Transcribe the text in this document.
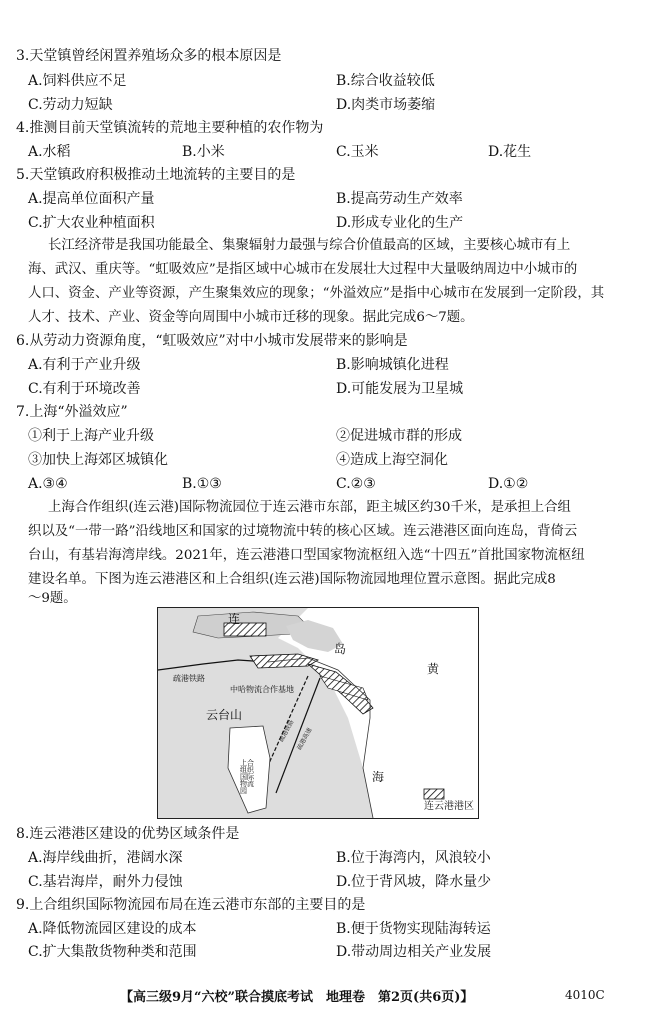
3.天堂镇曾经闲置养殖场众多的根本原因是
A.饲料供应不足	B.综合收益较低
C.劳动力短缺	D.肉类市场萎缩
4.推测目前天堂镇流转的荒地主要种植的农作物为
A.水稻	B.小米	C.玉米	D.花生
5.天堂镇政府积极推动土地流转的主要目的是
A.提高单位面积产量	B.提高劳动生产效率
C.扩大农业种植面积	D.形成专业化的生产
长江经济带是我国功能最全、集聚辐射力最强与综合价值最高的区域，主要核心城市有上
海、武汉、重庆等。“虹吸效应”是指区域中心城市在发展壮大过程中大量吸纳周边中小城市的
人口、资金、产业等资源，产生聚集效应的现象；“外溢效应”是指中心城市在发展到一定阶段，其
人才、技术、产业、资金等向周围中小城市迁移的现象。据此完成6～7题。
6.从劳动力资源角度，“虹吸效应”对中小城市发展带来的影响是
A.有利于产业升级	B.影响城镇化进程
C.有利于环境改善	D.可能发展为卫星城
7.上海“外溢效应”
①利于上海产业升级	②促进城市群的形成
③加快上海郊区城镇化	④造成上海空洞化
A.③④	B.①③	C.②③	D.①②
上海合作组织(连云港)国际物流园位于连云港市东部，距主城区约30千米，是承担上合组
织以及“一带一路”沿线地区和国家的过境物流中转的核心区域。连云港港区面向连岛，背倚云
台山，有基岩海湾岸线。2021年，连云港港口型国家物流枢纽入选“十四五”首批国家物流枢纽
建设名单。下图为连云港港区和上合组织(连云港)国际物流园地理位置示意图。据此完成8
～9题。
连
岛
黄
海
云台山
疏港铁路
中哈物流合作基地
疏港铁路 疏港高速
上合组织国际物流园
连云港港区
8.连云港港区建设的优势区域条件是
A.海岸线曲折，港阔水深	B.位于海湾内，风浪较小
C.基岩海岸，耐外力侵蚀	D.位于背风坡，降水量少
9.上合组织国际物流园布局在连云港市东部的主要目的是
A.降低物流园区建设的成本	B.便于货物实现陆海转运
C.扩大集散货物种类和范围	D.带动周边相关产业发展
【高三级9月“六校”联合摸底考试　地理卷　第2页(共6页)】	4010C
